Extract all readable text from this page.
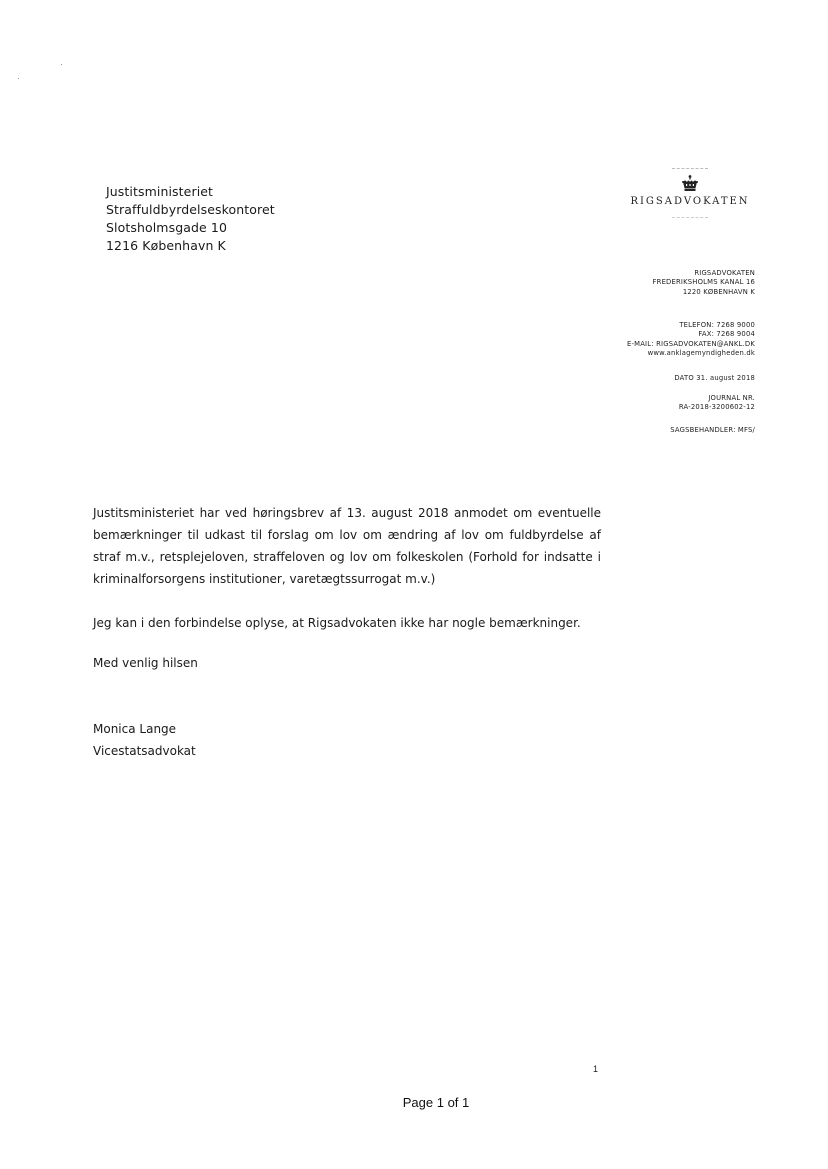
Justitsministeriet
Straffuldbyrdelseskontoret
Slotsholmsgade 10
1216 København K
RIGSADVOKATEN
RIGSADVOKATEN
FREDERIKSHOLMS KANAL 16
1220 KØBENHAVN K
TELEFON: 7268 9000
FAX: 7268 9004
E-MAIL: RIGSADVOKATEN@ANKL.DK
www.anklagemyndigheden.dk
DATO 31. august 2018
JOURNAL NR.
RA-2018-3200602-12
SAGSBEHANDLER: MFS/
Justitsministeriet har ved høringsbrev af 13. august 2018 anmodet om eventuelle bemærkninger til udkast til forslag om lov om ændring af lov om fuldbyrdelse af straf m.v., retsplejeloven, straffeloven og lov om folkeskolen (Forhold for indsatte i kriminalforsorgens institutioner, varetægtssurrogat m.v.)
Jeg kan i den forbindelse oplyse, at Rigsadvokaten ikke har nogle bemærkninger.
Med venlig hilsen
Monica Lange
Vicestatsadvokat
1
Page 1 of 1
